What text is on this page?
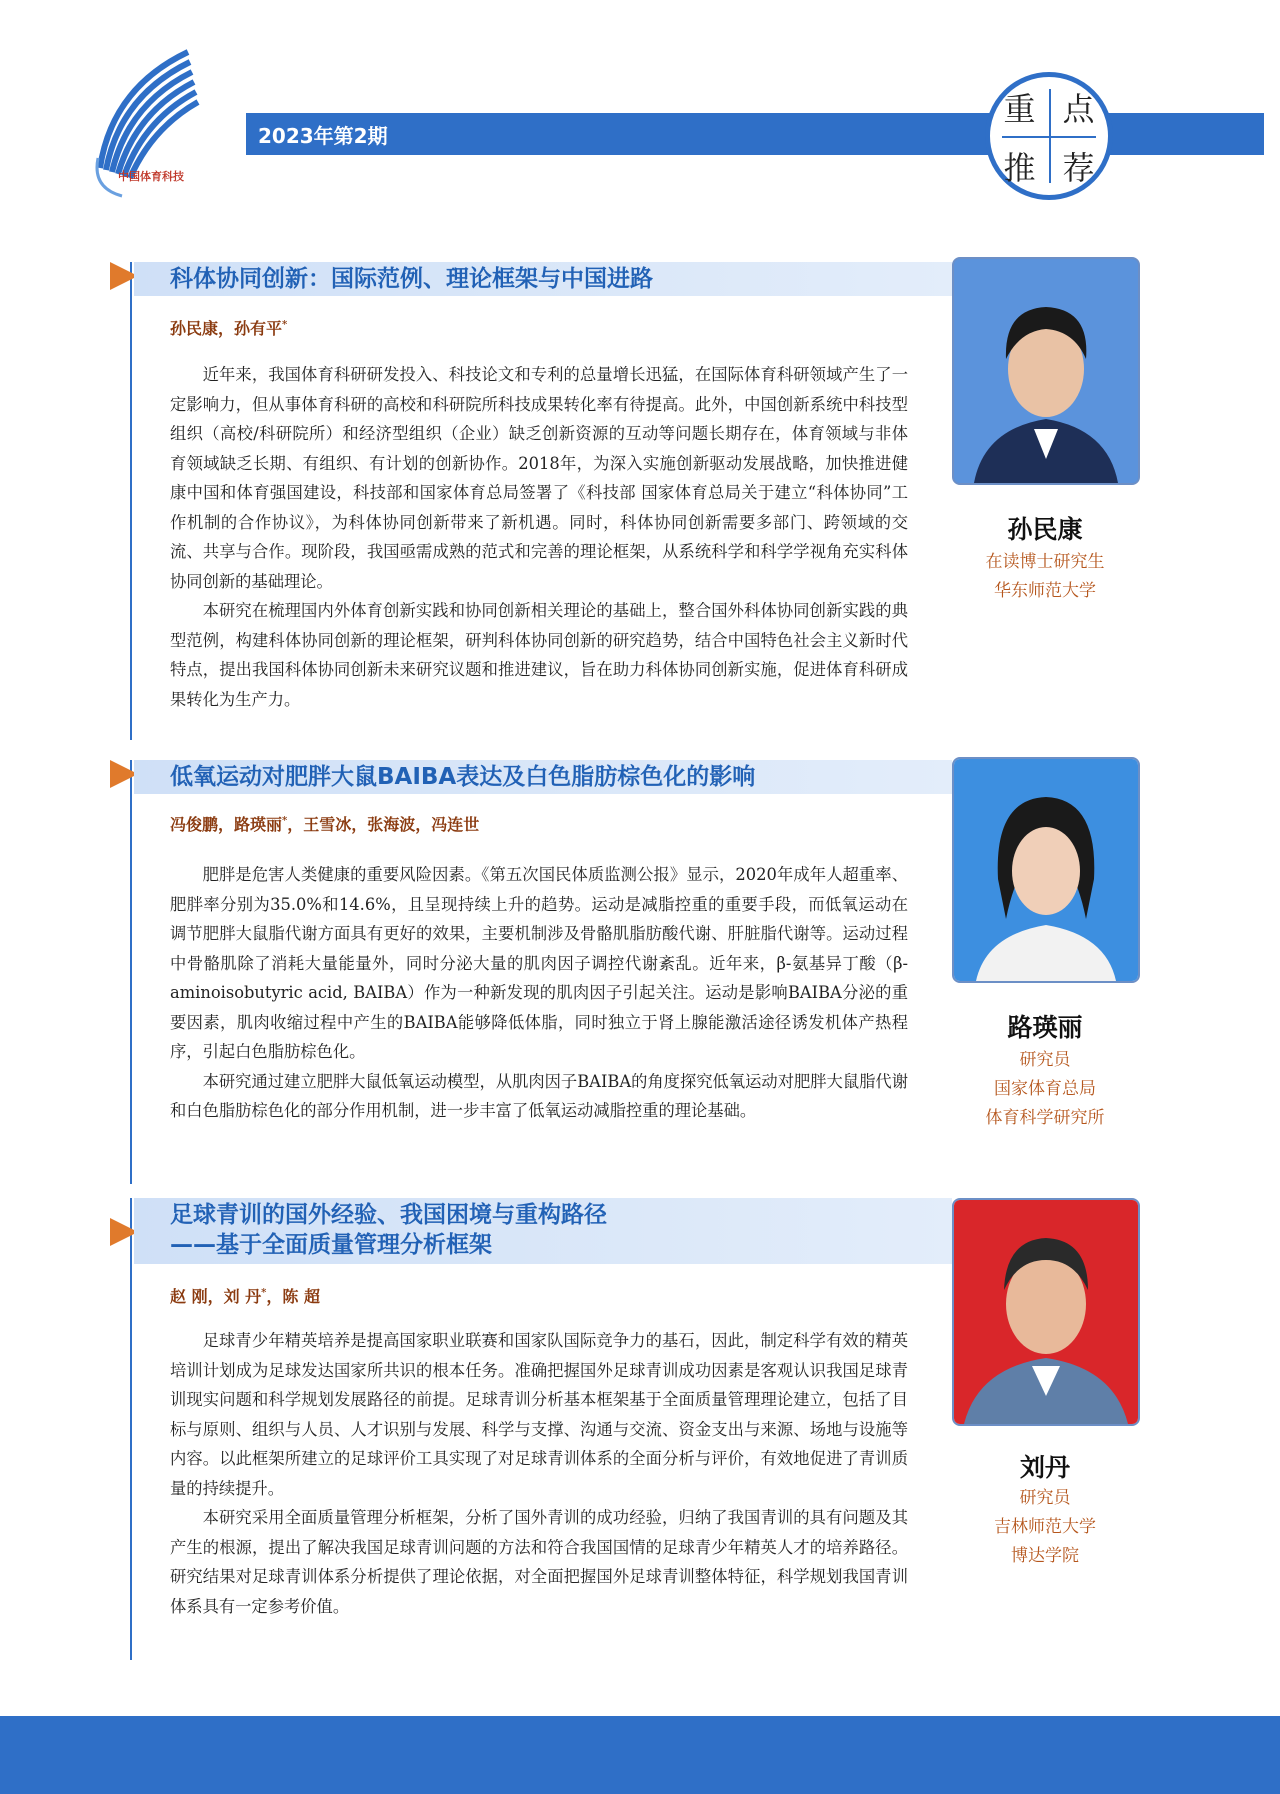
中国体育科技
2023年第2期
重 点
推 荐
科体协同创新：国际范例、理论框架与中国进路
孙民康，孙有平*

近年来，我国体育科研研发投入、科技论文和专利的总量增长迅猛，在国际体育科研领域产生了一定影响力，但从事体育科研的高校和科研院所科技成果转化率有待提高。此外，中国创新系统中科技型组织（高校/科研院所）和经济型组织（企业）缺乏创新资源的互动等问题长期存在，体育领域与非体育领域缺乏长期、有组织、有计划的创新协作。2018年，为深入实施创新驱动发展战略，加快推进健康中国和体育强国建设，科技部和国家体育总局签署了《科技部 国家体育总局关于建立“科体协同”工作机制的合作协议》，为科体协同创新带来了新机遇。同时，科体协同创新需要多部门、跨领域的交流、共享与合作。现阶段，我国亟需成熟的范式和完善的理论框架，从系统科学和科学学视角充实科体协同创新的基础理论。

本研究在梳理国内外体育创新实践和协同创新相关理论的基础上，整合国外科体协同创新实践的典型范例，构建科体协同创新的理论框架，研判科体协同创新的研究趋势，结合中国特色社会主义新时代特点，提出我国科体协同创新未来研究议题和推进建议，旨在助力科体协同创新实施，促进体育科研成果转化为生产力。

孙民康
在读博士研究生
华东师范大学
低氧运动对肥胖大鼠BAIBA表达及白色脂肪棕色化的影响
冯俊鹏，路瑛丽*，王雪冰，张海波，冯连世

肥胖是危害人类健康的重要风险因素。《第五次国民体质监测公报》显示，2020年成年人超重率、肥胖率分别为35.0%和14.6%，且呈现持续上升的趋势。运动是减脂控重的重要手段，而低氧运动在调节肥胖大鼠脂代谢方面具有更好的效果，主要机制涉及骨骼肌脂肪酸代谢、肝脏脂代谢等。运动过程中骨骼肌除了消耗大量能量外，同时分泌大量的肌肉因子调控代谢紊乱。近年来，β-氨基异丁酸（β-aminoisobutyric acid, BAIBA）作为一种新发现的肌肉因子引起关注。运动是影响BAIBA分泌的重要因素，肌肉收缩过程中产生的BAIBA能够降低体脂，同时独立于肾上腺能激活途径诱发机体产热程序，引起白色脂肪棕色化。

本研究通过建立肥胖大鼠低氧运动模型，从肌肉因子BAIBA的角度探究低氧运动对肥胖大鼠脂代谢和白色脂肪棕色化的部分作用机制，进一步丰富了低氧运动减脂控重的理论基础。

路瑛丽
研究员
国家体育总局
体育科学研究所
足球青训的国外经验、我国困境与重构路径
——基于全面质量管理分析框架
赵 刚，刘 丹*，陈 超

足球青少年精英培养是提高国家职业联赛和国家队国际竞争力的基石，因此，制定科学有效的精英培训计划成为足球发达国家所共识的根本任务。准确把握国外足球青训成功因素是客观认识我国足球青训现实问题和科学规划发展路径的前提。足球青训分析基本框架基于全面质量管理理论建立，包括了目标与原则、组织与人员、人才识别与发展、科学与支撑、沟通与交流、资金支出与来源、场地与设施等内容。以此框架所建立的足球评价工具实现了对足球青训体系的全面分析与评价，有效地促进了青训质量的持续提升。

本研究采用全面质量管理分析框架，分析了国外青训的成功经验，归纳了我国青训的具有问题及其产生的根源，提出了解决我国足球青训问题的方法和符合我国国情的足球青少年精英人才的培养路径。研究结果对足球青训体系分析提供了理论依据，对全面把握国外足球青训整体特征，科学规划我国青训体系具有一定参考价值。

刘丹
研究员
吉林师范大学
博达学院
